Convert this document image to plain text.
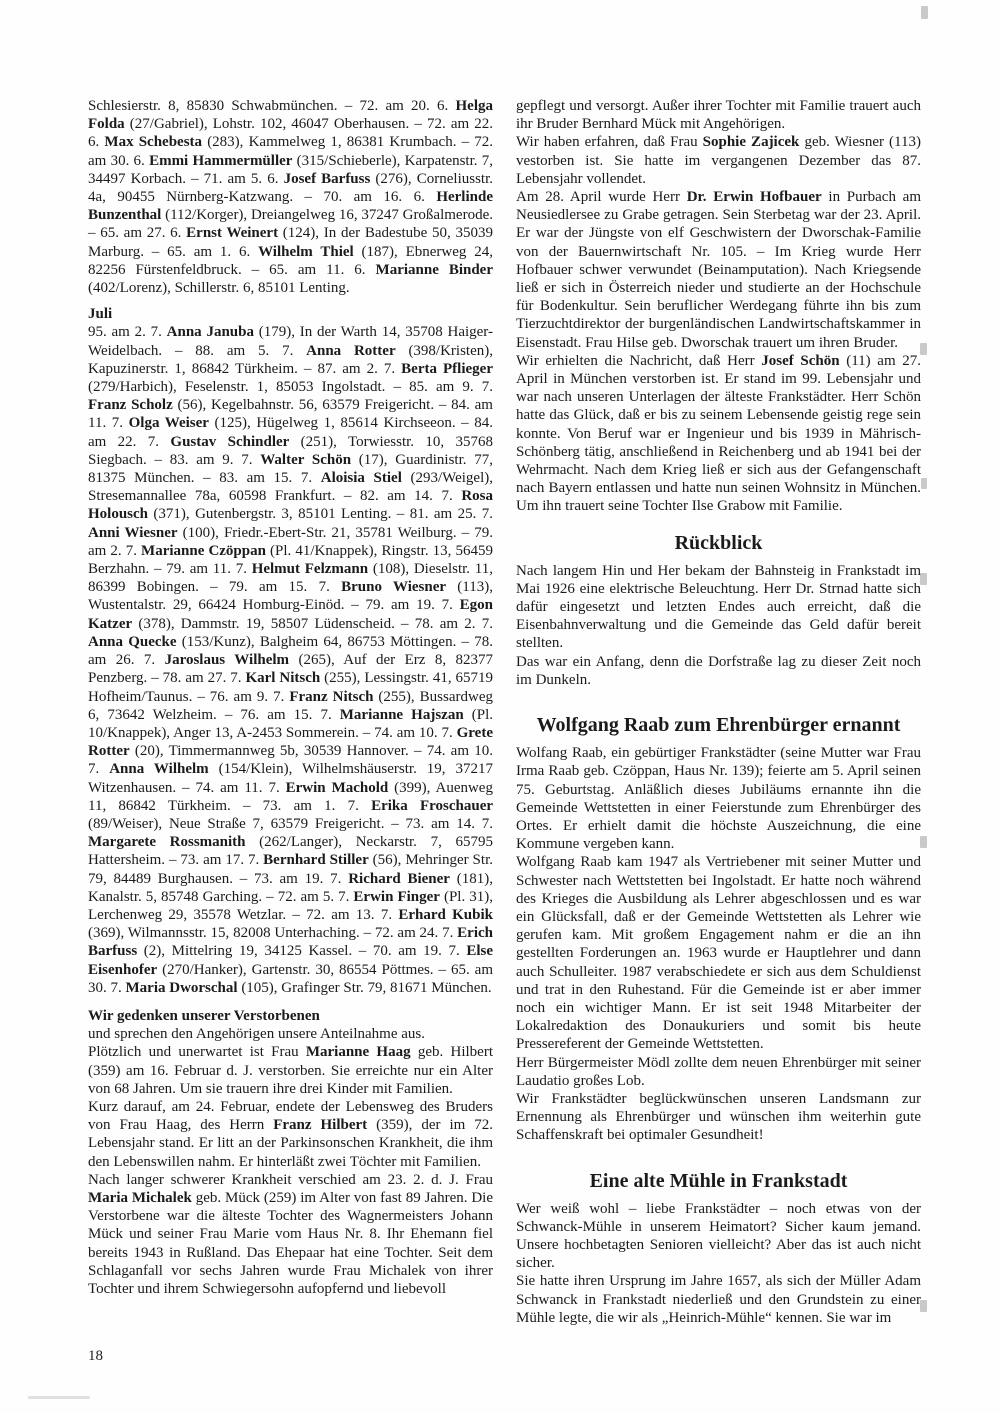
Schlesierstr. 8, 85830 Schwabmünchen. – 72. am 20. 6. Helga Folda (27/Gabriel), Lohstr. 102, 46047 Oberhausen. – 72. am 22. 6. Max Schebesta (283), Kammelweg 1, 86381 Krumbach. – 72. am 30. 6. Emmi Hammermüller (315/Schieberle), Karpatenstr. 7, 34497 Korbach. – 71. am 5. 6. Josef Barfuss (276), Corneliusstr. 4a, 90455 Nürnberg-Katzwang. – 70. am 16. 6. Herlinde Bunzenthal (112/Korger), Dreiangelweg 16, 37247 Großalmerode. – 65. am 27. 6. Ernst Weinert (124), In der Badestube 50, 35039 Marburg. – 65. am 1. 6. Wilhelm Thiel (187), Ebnerweg 24, 82256 Fürstenfeldbruck. – 65. am 11. 6. Marianne Binder (402/Lorenz), Schillerstr. 6, 85101 Lenting.

Juli

95. am 2. 7. Anna Januba (179), In der Warth 14, 35708 Haiger-Weidelbach. – 88. am 5. 7. Anna Rotter (398/Kristen), Kapuzinerstr. 1, 86842 Türkheim. – 87. am 2. 7. Berta Pflieger (279/Harbich), Feselenstr. 1, 85053 Ingolstadt. – 85. am 9. 7. Franz Scholz (56), Kegelbahnstr. 56, 63579 Freigericht. – 84. am 11. 7. Olga Weiser (125), Hügelweg 1, 85614 Kirchseeon. – 84. am 22. 7. Gustav Schindler (251), Torwiesstr. 10, 35768 Siegbach. – 83. am 9. 7. Walter Schön (17), Guardinistr. 77, 81375 München. – 83. am 15. 7. Aloisia Stiel (293/Weigel), Stresemannallee 78a, 60598 Frankfurt. – 82. am 14. 7. Rosa Holousch (371), Gutenbergstr. 3, 85101 Lenting. – 81. am 25. 7. Anni Wiesner (100), Friedr.-Ebert-Str. 21, 35781 Weilburg. – 79. am 2. 7. Marianne Czöppan (Pl. 41/Knappek), Ringstr. 13, 56459 Berzhahn. – 79. am 11. 7. Helmut Felzmann (108), Dieselstr. 11, 86399 Bobingen. – 79. am 15. 7. Bruno Wiesner (113), Wustentalstr. 29, 66424 Homburg-Einöd. – 79. am 19. 7. Egon Katzer (378), Dammstr. 19, 58507 Lüdenscheid. – 78. am 2. 7. Anna Quecke (153/Kunz), Balgheim 64, 86753 Möttingen. – 78. am 26. 7. Jaroslaus Wilhelm (265), Auf der Erz 8, 82377 Penzberg. – 78. am 27. 7. Karl Nitsch (255), Lessingstr. 41, 65719 Hofheim/Taunus. – 76. am 9. 7. Franz Nitsch (255), Bussardweg 6, 73642 Welzheim. – 76. am 15. 7. Marianne Hajszan (Pl. 10/Knappek), Anger 13, A-2453 Sommerein. – 74. am 10. 7. Grete Rotter (20), Timmermannweg 5b, 30539 Hannover. – 74. am 10. 7. Anna Wilhelm (154/Klein), Wilhelmshäuserstr. 19, 37217 Witzenhausen. – 74. am 11. 7. Erwin Machold (399), Auenweg 11, 86842 Türkheim. – 73. am 1. 7. Erika Froschauer (89/Weiser), Neue Straße 7, 63579 Freigericht. – 73. am 14. 7. Margarete Rossmanith (262/Langer), Neckarstr. 7, 65795 Hattersheim. – 73. am 17. 7. Bernhard Stiller (56), Mehringer Str. 79, 84489 Burghausen. – 73. am 19. 7. Richard Biener (181), Kanalstr. 5, 85748 Garching. – 72. am 5. 7. Erwin Finger (Pl. 31), Lerchenweg 29, 35578 Wetzlar. – 72. am 13. 7. Erhard Kubik (369), Wilmannsstr. 15, 82008 Unterhaching. – 72. am 24. 7. Erich Barfuss (2), Mittelring 19, 34125 Kassel. – 70. am 19. 7. Else Eisenhofer (270/Hanker), Gartenstr. 30, 86554 Pöttmes. – 65. am 30. 7. Maria Dworschal (105), Grafinger Str. 79, 81671 München.

Wir gedenken unserer Verstorbenen

und sprechen den Angehörigen unsere Anteilnahme aus.

Plötzlich und unerwartet ist Frau Marianne Haag geb. Hilbert (359) am 16. Februar d. J. verstorben. Sie erreichte nur ein Alter von 68 Jahren. Um sie trauern ihre drei Kinder mit Familien.

Kurz darauf, am 24. Februar, endete der Lebensweg des Bruders von Frau Haag, des Herrn Franz Hilbert (359), der im 72. Lebensjahr stand. Er litt an der Parkinsonschen Krankheit, die ihm den Lebenswillen nahm. Er hinterläßt zwei Töchter mit Familien.

Nach langer schwerer Krankheit verschied am 23. 2. d. J. Frau Maria Michalek geb. Mück (259) im Alter von fast 89 Jahren. Die Verstorbene war die älteste Tochter des Wagnermeisters Johann Mück und seiner Frau Marie vom Haus Nr. 8. Ihr Ehemann fiel bereits 1943 in Rußland. Das Ehepaar hat eine Tochter. Seit dem Schlaganfall vor sechs Jahren wurde Frau Michalek von ihrer Tochter und ihrem Schwiegersohn aufopfernd und liebevoll

gepflegt und versorgt. Außer ihrer Tochter mit Familie trauert auch ihr Bruder Bernhard Mück mit Angehörigen.

Wir haben erfahren, daß Frau Sophie Zajicek geb. Wiesner (113) vestorben ist. Sie hatte im vergangenen Dezember das 87. Lebensjahr vollendet.

Am 28. April wurde Herr Dr. Erwin Hofbauer in Purbach am Neusiedlersee zu Grabe getragen. Sein Sterbetag war der 23. April. Er war der Jüngste von elf Geschwistern der Dworschak-Familie von der Bauernwirtschaft Nr. 105. – Im Krieg wurde Herr Hofbauer schwer verwundet (Beinamputation). Nach Kriegsende ließ er sich in Österreich nieder und studierte an der Hochschule für Bodenkultur. Sein beruflicher Werdegang führte ihn bis zum Tierzuchtdirektor der burgenländischen Landwirtschaftskammer in Eisenstadt. Frau Hilse geb. Dworschak trauert um ihren Bruder.

Wir erhielten die Nachricht, daß Herr Josef Schön (11) am 27. April in München verstorben ist. Er stand im 99. Lebensjahr und war nach unseren Unterlagen der älteste Frankstädter. Herr Schön hatte das Glück, daß er bis zu seinem Lebensende geistig rege sein konnte. Von Beruf war er Ingenieur und bis 1939 in Mährisch-Schönberg tätig, anschließend in Reichenberg und ab 1941 bei der Wehrmacht. Nach dem Krieg ließ er sich aus der Gefangenschaft nach Bayern entlassen und hatte nun seinen Wohnsitz in München. Um ihn trauert seine Tochter Ilse Grabow mit Familie.

Rückblick

Nach langem Hin und Her bekam der Bahnsteig in Frankstadt im Mai 1926 eine elektrische Beleuchtung. Herr Dr. Strnad hatte sich dafür eingesetzt und letzten Endes auch erreicht, daß die Eisenbahnverwaltung und die Gemeinde das Geld dafür bereit stellten.

Das war ein Anfang, denn die Dorfstraße lag zu dieser Zeit noch im Dunkeln.

Wolfgang Raab zum Ehrenbürger ernannt

Wolfang Raab, ein gebürtiger Frankstädter (seine Mutter war Frau Irma Raab geb. Czöppan, Haus Nr. 139); feierte am 5. April seinen 75. Geburtstag. Anläßlich dieses Jubiläums ernannte ihn die Gemeinde Wettstetten in einer Feierstunde zum Ehrenbürger des Ortes. Er erhielt damit die höchste Auszeichnung, die eine Kommune vergeben kann.

Wolfgang Raab kam 1947 als Vertriebener mit seiner Mutter und Schwester nach Wettstetten bei Ingolstadt. Er hatte noch während des Krieges die Ausbildung als Lehrer abgeschlossen und es war ein Glücksfall, daß er der Gemeinde Wettstetten als Lehrer wie gerufen kam. Mit großem Engagement nahm er die an ihn gestellten Forderungen an. 1963 wurde er Hauptlehrer und dann auch Schulleiter. 1987 verabschiedete er sich aus dem Schuldienst und trat in den Ruhestand. Für die Gemeinde ist er aber immer noch ein wichtiger Mann. Er ist seit 1948 Mitarbeiter der Lokalredaktion des Donaukuriers und somit bis heute Pressereferent der Gemeinde Wettstetten.

Herr Bürgermeister Mödl zollte dem neuen Ehrenbürger mit seiner Laudatio großes Lob.

Wir Frankstädter beglückwünschen unseren Landsmann zur Ernennung als Ehrenbürger und wünschen ihm weiterhin gute Schaffenskraft bei optimaler Gesundheit!

Eine alte Mühle in Frankstadt

Wer weiß wohl – liebe Frankstädter – noch etwas von der Schwanck-Mühle in unserem Heimatort? Sicher kaum jemand. Unsere hochbetagten Senioren vielleicht? Aber das ist auch nicht sicher.

Sie hatte ihren Ursprung im Jahre 1657, als sich der Müller Adam Schwanck in Frankstadt niederließ und den Grundstein zu einer Mühle legte, die wir als „Heinrich-Mühle“ kennen. Sie war im

18
